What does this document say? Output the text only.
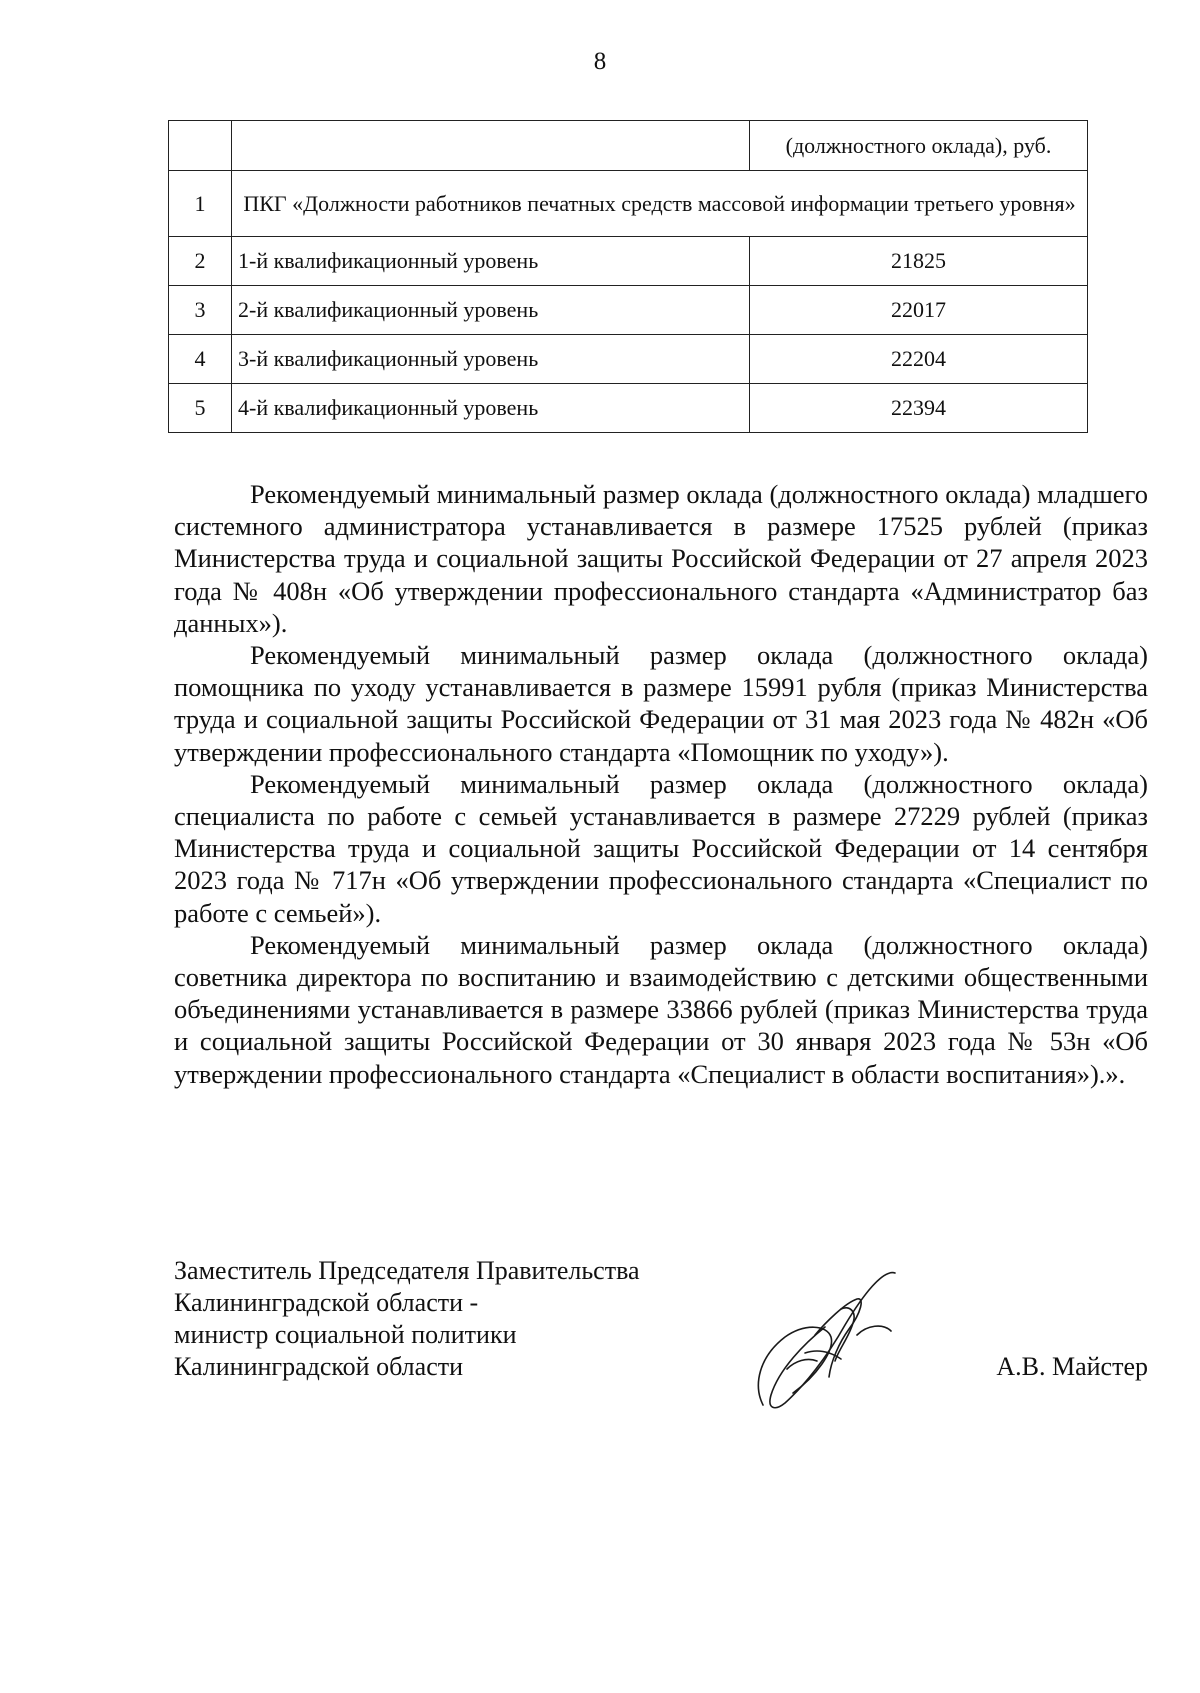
8
		(должностного оклада), руб.
1	ПКГ «Должности работников печатных средств массовой информации третьего уровня»	
2	1-й квалификационный уровень	21825
3	2-й квалификационный уровень	22017
4	3-й квалификационный уровень	22204
5	4-й квалификационный уровень	22394

Рекомендуемый минимальный размер оклада (должностного оклада) младшего системного администратора устанавливается в размере 17525 рублей (приказ Министерства труда и социальной защиты Российской Федерации от 27 апреля 2023 года № 408н «Об утверждении профессионального стандарта «Администратор баз данных»).

Рекомендуемый минимальный размер оклада (должностного оклада) помощника по уходу устанавливается в размере 15991 рубля (приказ Министерства труда и социальной защиты Российской Федерации от 31 мая 2023 года № 482н «Об утверждении профессионального стандарта «Помощник по уходу»).

Рекомендуемый минимальный размер оклада (должностного оклада) специалиста по работе с семьей устанавливается в размере 27229 рублей (приказ Министерства труда и социальной защиты Российской Федерации от 14 сентября 2023 года № 717н «Об утверждении профессионального стандарта «Специалист по работе с семьей»).

Рекомендуемый минимальный размер оклада (должностного оклада) советника директора по воспитанию и взаимодействию с детскими общественными объединениями устанавливается в размере 33866 рублей (приказ Министерства труда и социальной защиты Российской Федерации от 30 января 2023 года № 53н «Об утверждении профессионального стандарта «Специалист в области воспитания»).».

Заместитель Председателя Правительства
Калининградской области -
министр социальной политики
Калининградской области	А.В. Майстер
